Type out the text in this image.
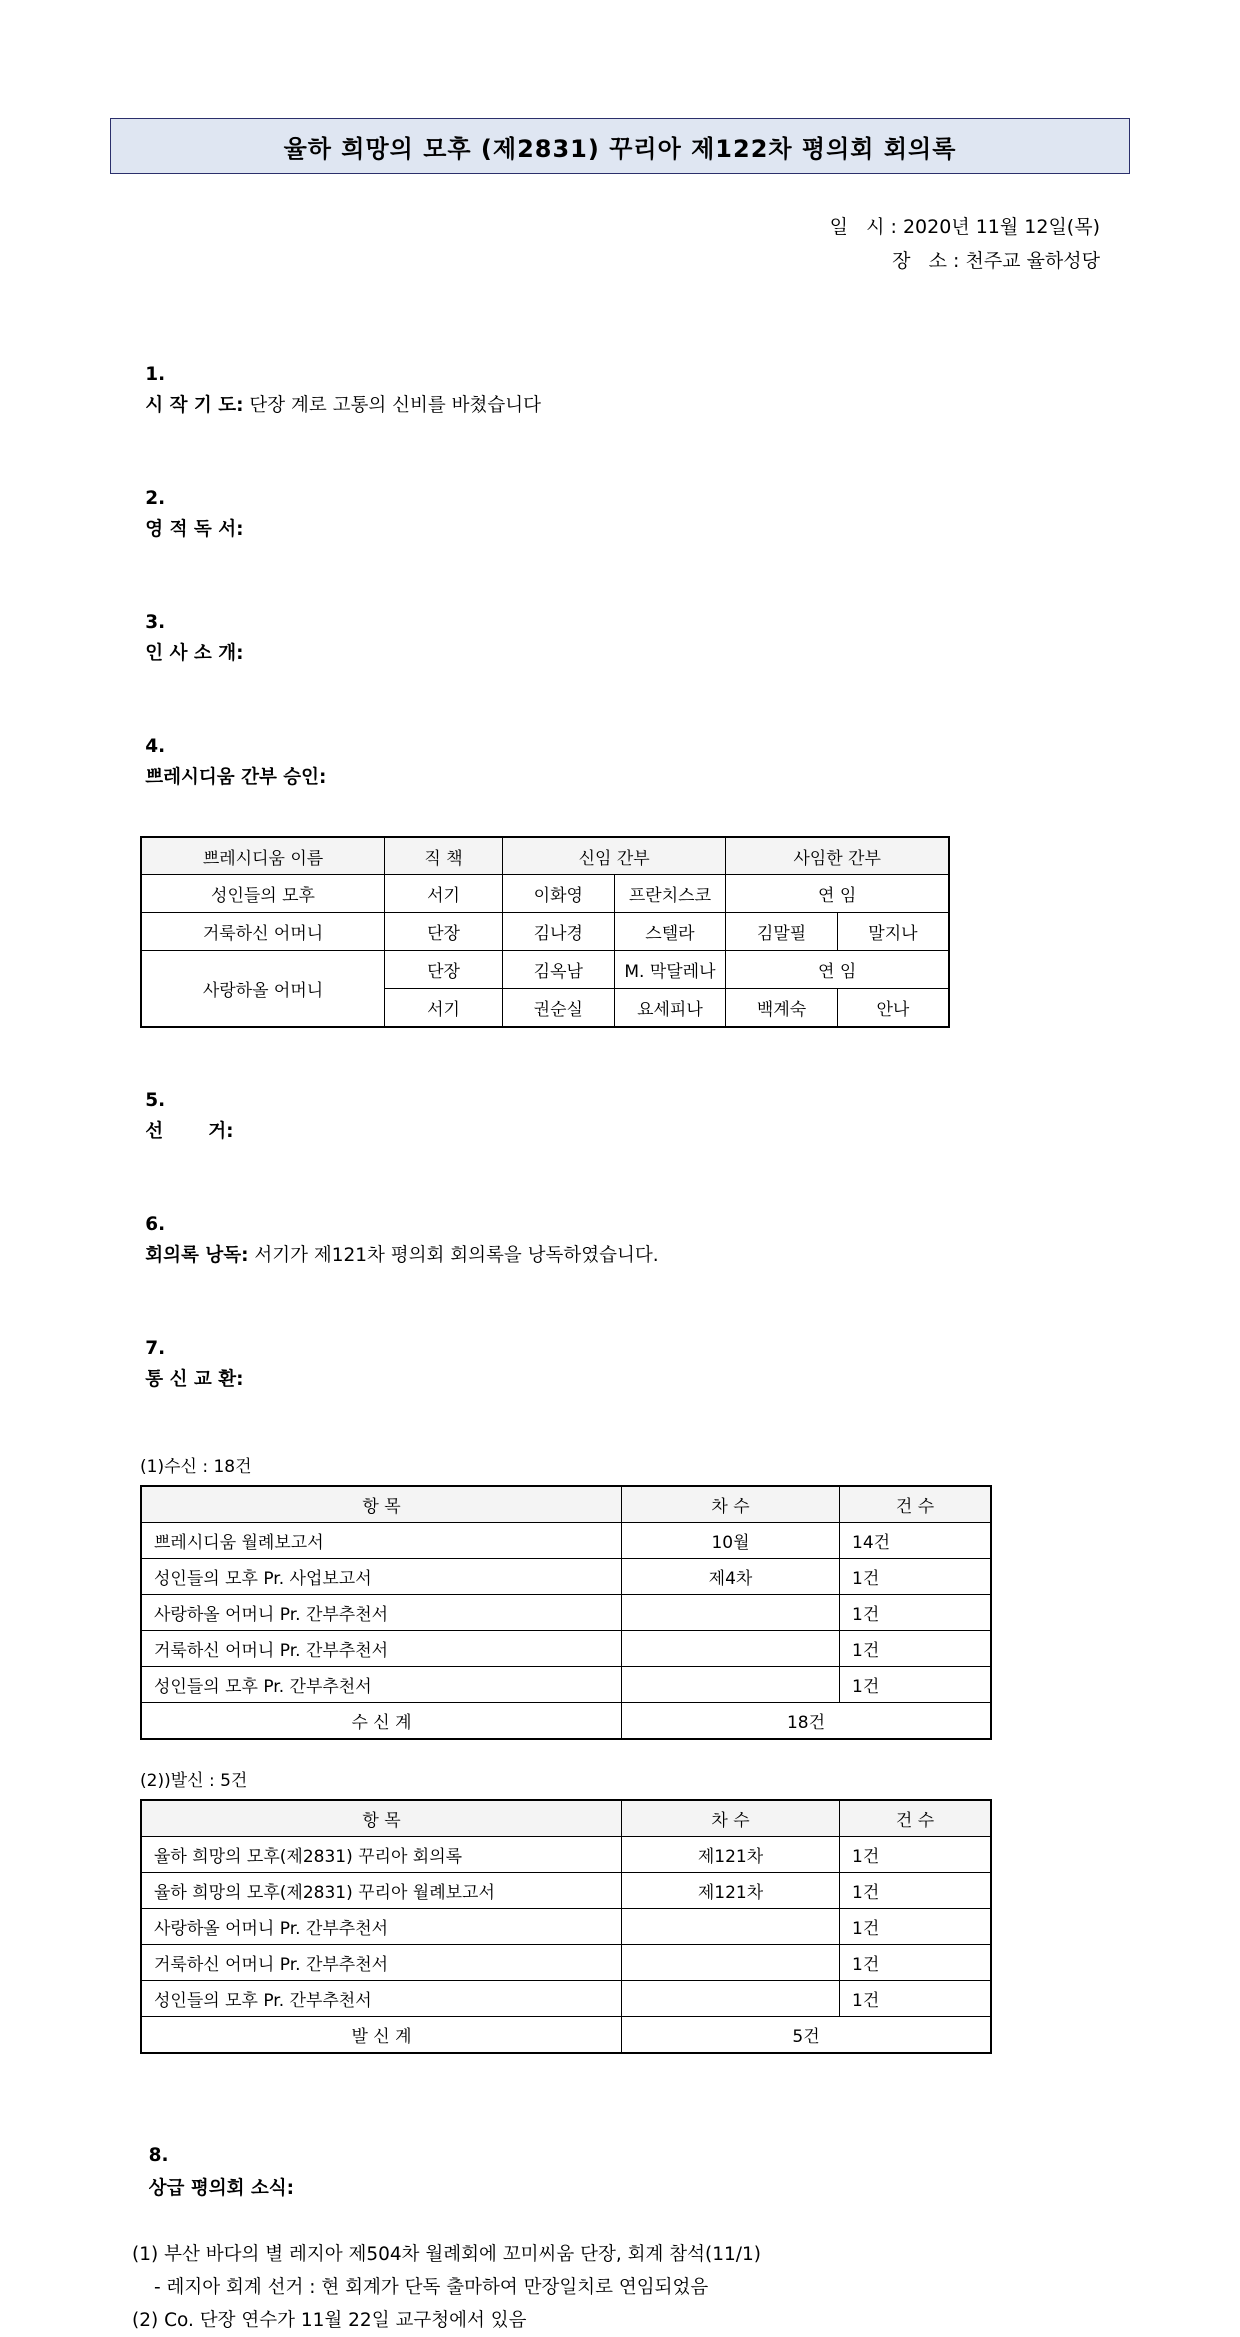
율하 희망의 모후 (제2831) 꾸리아 제122차 평의회 회의록
일   시 : 2020년 11월 12일(목)
장   소 : 천주교 율하성당

1.
시 작 기 도: 단장 계로 고통의 신비를 바쳤습니다

2.
영 적 독 서:

3.
인 사 소 개:

4.
쁘레시디움 간부 승인:

쁘레시디움 이름	직 책	신임 간부		사임한 간부	
성인들의 모후	서기	이화영	프란치스코	연 임	
거룩하신 어머니	단장	김나경	스텔라	김말필	말지나
사랑하올 어머니	단장	김옥남	M. 막달레나	연 임	
	서기	권순실	요세피나	백계숙	안나

5.
선       거:

6.
회의록 낭독: 서기가 제121차 평의회 회의록을 낭독하였습니다.

7.
통 신 교 환:

(1)수신 : 18건
항 목	차 수	건 수
쁘레시디움 월례보고서	10월	14건
성인들의 모후 Pr. 사업보고서	제4차	1건
사랑하올 어머니 Pr. 간부추천서		1건
거룩하신 어머니 Pr. 간부추천서		1건
성인들의 모후 Pr. 간부추천서		1건
수 신 계	18건	
(2))발신 : 5건
항 목	차 수	건 수
율하 희망의 모후(제2831) 꾸리아 회의록	제121차	1건
율하 희망의 모후(제2831) 꾸리아 월례보고서	제121차	1건
사랑하올 어머니 Pr. 간부추천서		1건
거룩하신 어머니 Pr. 간부추천서		1건
성인들의 모후 Pr. 간부추천서		1건
발 신 계	5건	

8.
상급 평의회 소식:

(1) 부산 바다의 별 레지아 제504차 월례회에 꼬미씨움 단장, 회계 참석(11/1)
- 레지아 회계 선거 : 현 회계가 단독 출마하여 만장일치로 연임되었음
(2) Co. 단장 연수가 11월 22일 교구청에서 있음
